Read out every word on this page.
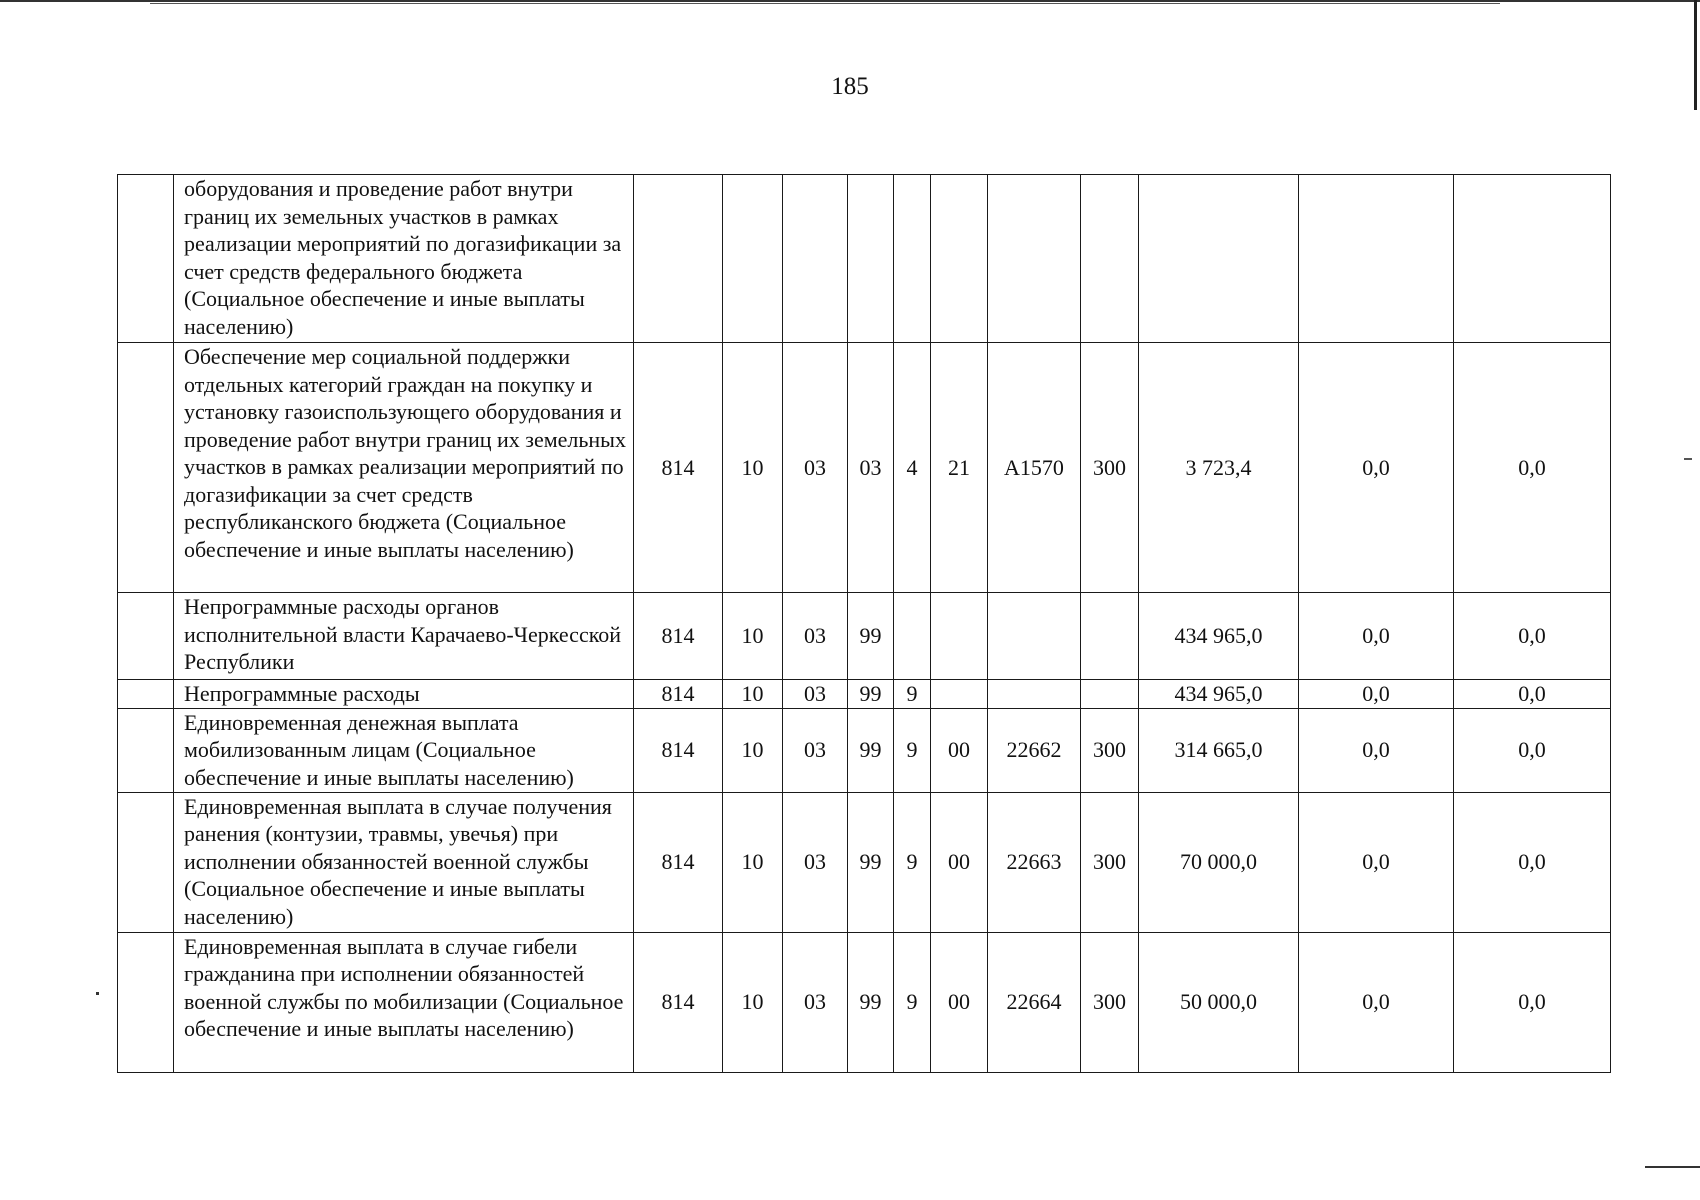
185
	оборудования и проведение работ внутри границ их земельных участков в рамках реализации мероприятий по догазификации за счет средств федерального бюджета (Социальное обеспечение и иные выплаты населению)											
	Обеспечение мер социальной поддержки отдельных категорий граждан на покупку и установку газоиспользующего оборудования и проведение работ внутри границ их земельных участков в рамках реализации мероприятий по догазификации за счет средств республиканского бюджета (Социальное обеспечение и иные выплаты населению)	814	10	03	03	4	21	А1570	300	3 723,4	0,0	0,0
	Непрограммные расходы органов исполнительной власти Карачаево-Черкесской Республики	814	10	03	99					434 965,0	0,0	0,0
	Непрограммные расходы	814	10	03	99	9				434 965,0	0,0	0,0
	Единовременная денежная выплата мобилизованным лицам (Социальное обеспечение и иные выплаты населению)	814	10	03	99	9	00	22662	300	314 665,0	0,0	0,0
	Единовременная выплата в случае получения ранения (контузии, травмы, увечья) при исполнении обязанностей военной службы (Социальное обеспечение и иные выплаты населению)	814	10	03	99	9	00	22663	300	70 000,0	0,0	0,0
	Единовременная выплата в случае гибели гражданина при исполнении обязанностей военной службы по мобилизации (Социальное обеспечение и иные выплаты населению)	814	10	03	99	9	00	22664	300	50 000,0	0,0	0,0
